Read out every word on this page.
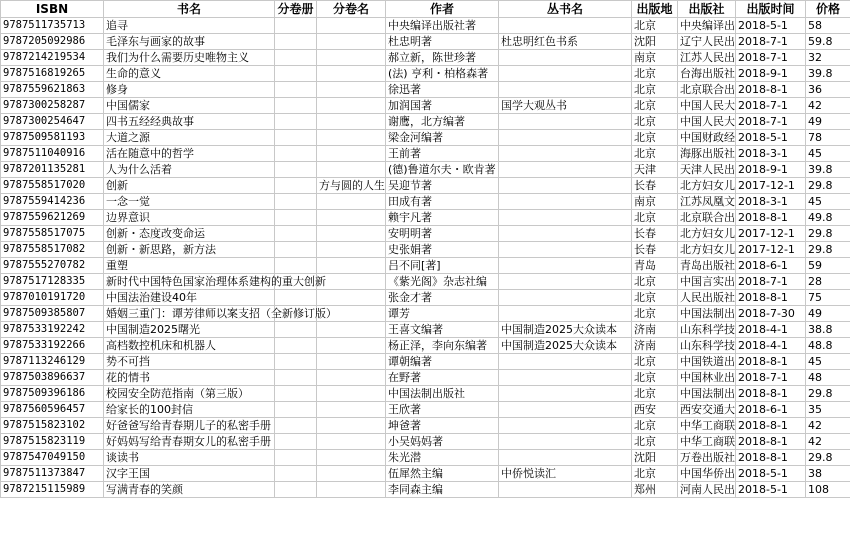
ISBN	书名	分卷册	分卷名	作者	丛书名	出版地	出版社	出版时间	价格
9787511735713	追寻			中央编译出版社著		北京	中央编译出	2018-5-1	58
9787205092986	毛泽东与画家的故事			杜忠明著	杜忠明红色书系	沈阳	辽宁人民出	2018-7-1	59.8
9787214219534	我们为什么需要历史唯物主义			郝立新，陈世珍著		南京	江苏人民出	2018-7-1	32
9787516819265	生命的意义			(法) 亨利・柏格森著		北京	台海出版社	2018-9-1	39.8
9787559621863	修身			徐迅著		北京	北京联合出	2018-8-1	36
9787300258287	中国儒家			加润国著	国学大观丛书	北京	中国人民大	2018-7-1	42
9787300254647	四书五经经典故事			谢鹰，北方编著		北京	中国人民大	2018-7-1	49
9787509581193	大道之源			梁金河编著		北京	中国财政经	2018-5-1	78
9787511040916	活在随意中的哲学			王前著		北京	海豚出版社	2018-3-1	45
9787201135281	人为什么活着			(德)鲁道尔夫・欧肯著		天津	天津人民出	2018-9-1	39.8
9787558517020	创新		方与圆的人生	吴迎节著		长春	北方妇女儿	2017-12-1	29.8
9787559414236	一念一觉			田成有著		南京	江苏凤凰文	2018-3-1	45
9787559621269	边界意识			赖宇凡著		北京	北京联合出	2018-8-1	49.8
9787558517075	创新・态度改变命运			安明明著		长春	北方妇女儿	2017-12-1	29.8
9787558517082	创新・新思路，新方法			史张娟著		长春	北方妇女儿	2017-12-1	29.8
9787555270782	重塑			吕不同[著]		青岛	青岛出版社	2018-6-1	59
9787517128335	新时代中国特色国家治理体系建构的重大创新			《紫光阁》杂志社编		北京	中国言实出	2018-7-1	28
9787010191720	中国法治建设40年			张金才著		北京	人民出版社	2018-8-1	75
9787509385807	婚姻三重门：谭芳律师以案支招（全新修订版）			谭芳		北京	中国法制出	2018-7-30	49
9787533192242	中国制造2025曙光			王喜文编著	中国制造2025大众读本	济南	山东科学技	2018-4-1	38.8
9787533192266	高档数控机床和机器人			杨正泽，李向东编著	中国制造2025大众读本	济南	山东科学技	2018-4-1	48.8
9787113246129	势不可挡			谭朝编著		北京	中国铁道出	2018-8-1	45
9787503896637	花的情书			在野著		北京	中国林业出	2018-7-1	48
9787509396186	校园安全防范指南（第三版）			中国法制出版社		北京	中国法制出	2018-8-1	29.8
9787560596457	给家长的100封信			王欣著		西安	西安交通大	2018-6-1	35
9787515823102	好爸爸写给青春期儿子的私密手册			坤爸著		北京	中华工商联	2018-8-1	42
9787515823119	好妈妈写给青春期女儿的私密手册			小吴妈妈著		北京	中华工商联	2018-8-1	42
9787547049150	谈读书			朱光潜		沈阳	万卷出版社	2018-8-1	29.8
9787511373847	汉字王国			伍犀然主编	中侨悦读汇	北京	中国华侨出	2018-5-1	38
9787215115989	写满青春的笑颜			李同森主编		郑州	河南人民出	2018-5-1	108
